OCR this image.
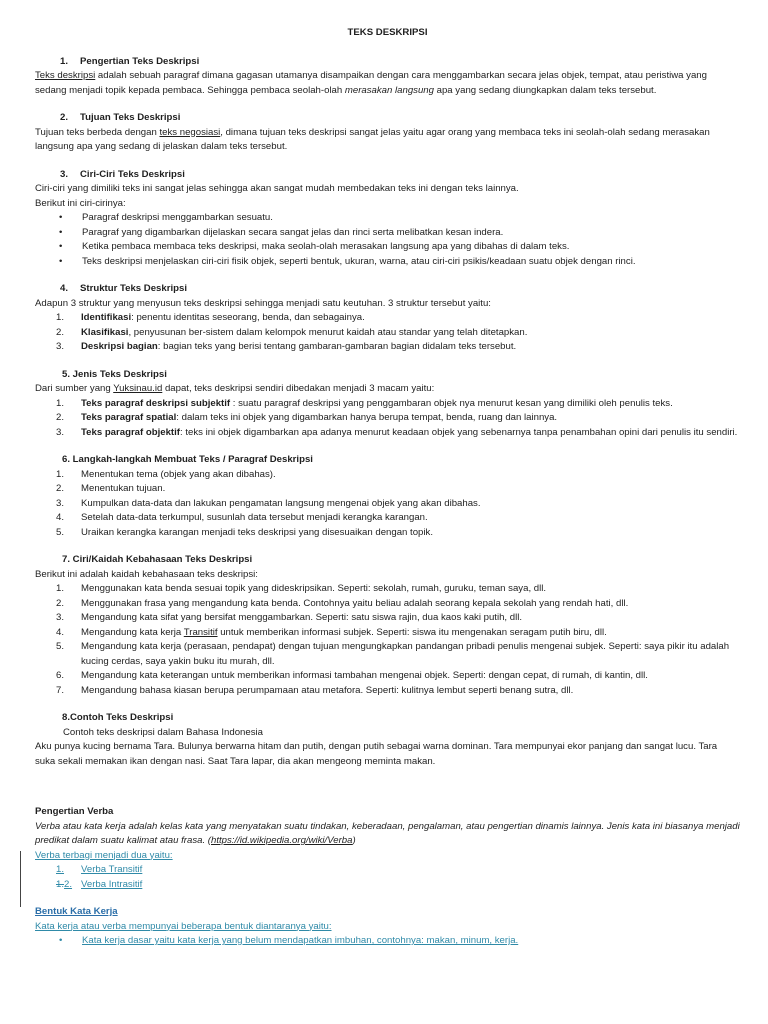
TEKS DESKRIPSI
1. Pengertian Teks Deskripsi

Teks deskripsi adalah sebuah paragraf dimana gagasan utamanya disampaikan dengan cara menggambarkan secara jelas objek, tempat, atau peristiwa yang sedang menjadi topik kepada pembaca. Sehingga pembaca seolah-olah merasakan langsung apa yang sedang diungkapkan dalam teks tersebut.

2. Tujuan Teks Deskripsi

Tujuan teks berbeda dengan teks negosiasi, dimana tujuan teks deskripsi sangat jelas yaitu agar orang yang membaca teks ini seolah-olah sedang merasakan langsung apa yang sedang di jelaskan dalam teks tersebut.

3. Ciri-Ciri Teks Deskripsi

Ciri-ciri yang dimiliki teks ini sangat jelas sehingga akan sangat mudah membedakan teks ini dengan teks lainnya.

Berikut ini ciri-cirinya:

• Paragraf deskripsi menggambarkan sesuatu.
• Paragraf yang digambarkan dijelaskan secara sangat jelas dan rinci serta melibatkan kesan indera.
• Ketika pembaca membaca teks deskripsi, maka seolah-olah merasakan langsung apa yang dibahas di dalam teks.
• Teks deskripsi menjelaskan ciri-ciri fisik objek, seperti bentuk, ukuran, warna, atau ciri-ciri psikis/keadaan suatu objek dengan rinci.
4. Struktur Teks Deskripsi

Adapun 3 struktur yang menyusun teks deskripsi sehingga menjadi satu keutuhan. 3 struktur tersebut yaitu:

1. Identifikasi: penentu identitas seseorang, benda, dan sebagainya.
2. Klasifikasi, penyusunan ber-sistem dalam kelompok menurut kaidah atau standar yang telah ditetapkan.
3. Deskripsi bagian: bagian teks yang berisi tentang gambaran-gambaran bagian didalam teks tersebut.
5. Jenis Teks Deskripsi

Dari sumber yang Yuksinau.id dapat, teks deskripsi sendiri dibedakan menjadi 3 macam yaitu:

1. Teks paragraf deskripsi subjektif : suatu paragraf deskripsi yang penggambaran objek nya menurut kesan yang dimiliki oleh penulis teks.
2. Teks paragraf spatial: dalam teks ini objek yang digambarkan hanya berupa tempat, benda, ruang dan lainnya.
3. Teks paragraf objektif: teks ini objek digambarkan apa adanya menurut keadaan objek yang sebenarnya tanpa penambahan opini dari penulis itu sendiri.
6. Langkah-langkah Membuat Teks / Paragraf Deskripsi
1. Menentukan tema (objek yang akan dibahas).
2. Menentukan tujuan.
3. Kumpulkan data-data dan lakukan pengamatan langsung mengenai objek yang akan dibahas.
4. Setelah data-data terkumpul, susunlah data tersebut menjadi kerangka karangan.
5. Uraikan kerangka karangan menjadi teks deskripsi yang disesuaikan dengan topik.
7. Ciri/Kaidah Kebahasaan Teks Deskripsi

Berikut ini adalah kaidah kebahasaan teks deskripsi:

1. Menggunakan kata benda sesuai topik yang dideskripsikan. Seperti: sekolah, rumah, guruku, teman saya, dll.
2. Menggunakan frasa yang mengandung kata benda. Contohnya yaitu beliau adalah seorang kepala sekolah yang rendah hati, dll.
3. Mengandung kata sifat yang bersifat menggambarkan. Seperti: satu siswa rajin, dua kaos kaki putih, dll.
4. Mengandung kata kerja Transitif untuk memberikan informasi subjek. Seperti: siswa itu mengenakan seragam putih biru, dll.
5. Mengandung kata kerja (perasaan, pendapat) dengan tujuan mengungkapkan pandangan pribadi penulis mengenai subjek. Seperti: saya pikir itu adalah kucing cerdas, saya yakin buku itu murah, dll.
6. Mengandung kata keterangan untuk memberikan informasi tambahan mengenai objek. Seperti: dengan cepat, di rumah, di kantin, dll.
7. Mengandung bahasa kiasan berupa perumpamaan atau metafora. Seperti: kulitnya lembut seperti benang sutra, dll.
8.Contoh Teks Deskripsi

Contoh teks deskripsi dalam Bahasa Indonesia

Aku punya kucing bernama Tara. Bulunya berwarna hitam dan putih, dengan putih sebagai warna dominan. Tara mempunyai ekor panjang dan sangat lucu. Tara suka sekali memakan ikan dengan nasi. Saat Tara lapar, dia akan mengeong meminta makan.

Pengertian Verba

Verba atau kata kerja adalah kelas kata yang menyatakan suatu tindakan, keberadaan, pengalaman, atau pengertian dinamis lainnya. Jenis kata ini biasanya menjadi predikat dalam suatu kalimat atau frasa. (https://id.wikipedia.org/wiki/Verba)

Verba terbagi menjadi dua yaitu:

1. Verba Transitif
1.2. Verba Intrasitif
Bentuk Kata Kerja

Kata kerja atau verba mempunyai beberapa bentuk diantaranya yaitu:

• Kata kerja dasar yaitu kata kerja yang belum mendapatkan imbuhan, contohnya: makan, minum, kerja.
